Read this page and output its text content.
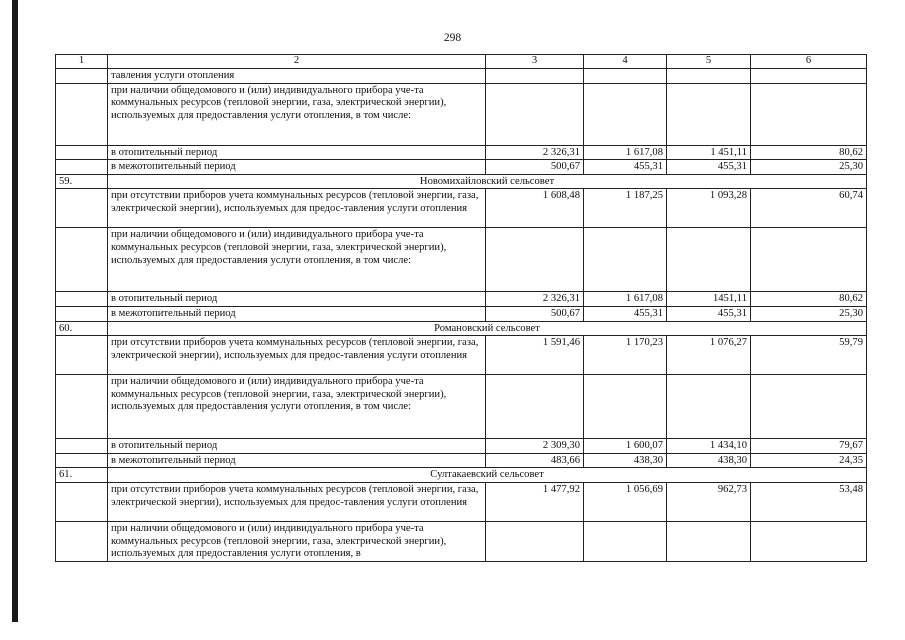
298
1	2	3	4	5	6
	тавления услуги отопления				
	при наличии общедомового и (или) индивидуального прибора уче-та коммунальных ресурсов (тепловой энергии, газа, электрической энергии), используемых для предоставления услуги отопления, в том числе:				
	в отопительный период	2 326,31	1 617,08	1 451,11	80,62
	в межотопительный период	500,67	455,31	455,31	25,30
59.	Новомихайловский сельсовет				
	при отсутствии приборов учета коммунальных ресурсов (тепловой энергии, газа, электрической энергии), используемых для предос-тавления услуги отопления	1 608,48	1 187,25	1 093,28	60,74
	при наличии общедомового и (или) индивидуального прибора уче-та коммунальных ресурсов (тепловой энергии, газа, электрической энергии), используемых для предоставления услуги отопления, в том числе:				
	в отопительный период	2 326,31	1 617,08	1451,11	80,62
	в межотопительный период	500,67	455,31	455,31	25,30
60.	Романовский сельсовет				
	при отсутствии приборов учета коммунальных ресурсов (тепловой энергии, газа, электрической энергии), используемых для предос-тавления услуги отопления	1 591,46	1 170,23	1 076,27	59,79
	при наличии общедомового и (или) индивидуального прибора уче-та коммунальных ресурсов (тепловой энергии, газа, электрической энергии), используемых для предоставления услуги отопления, в том числе:				
	в отопительный период	2 309,30	1 600,07	1 434,10	79,67
	в межотопительный период	483,66	438,30	438,30	24,35
61.	Султакаевский сельсовет				
	при отсутствии приборов учета коммунальных ресурсов (тепловой энергии, газа, электрической энергии), используемых для предос-тавления услуги отопления	1 477,92	1 056,69	962,73	53,48
	при наличии общедомового и (или) индивидуального прибора уче-та коммунальных ресурсов (тепловой энергии, газа, электрической энергии), используемых для предоставления услуги отопления, в				
